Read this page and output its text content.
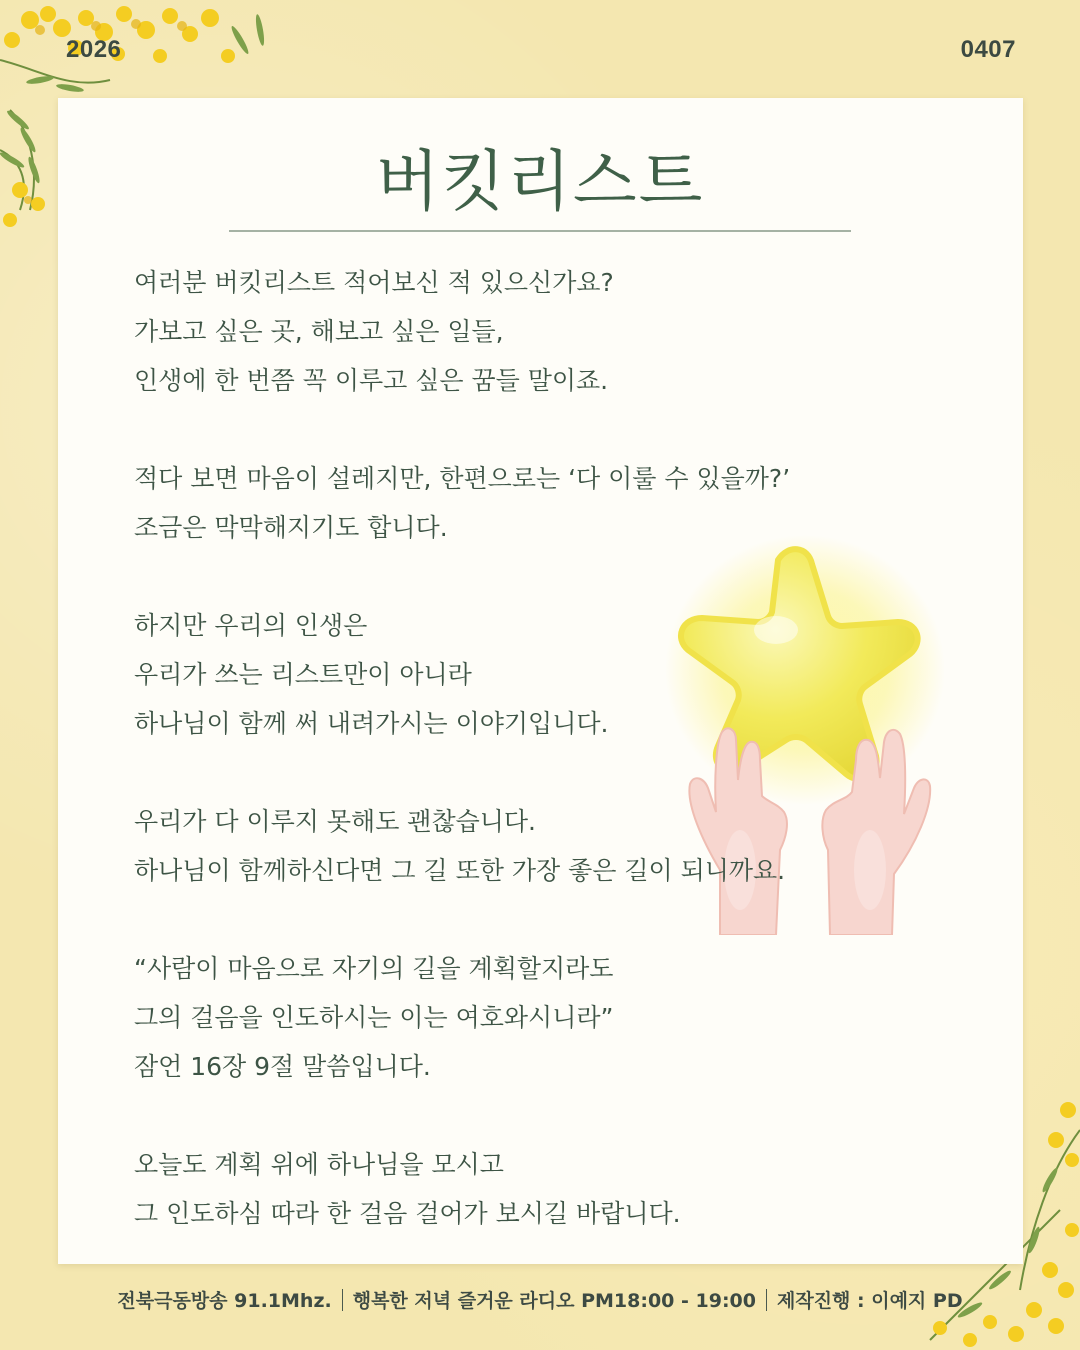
2026	0407
버킷리스트
여러분 버킷리스트 적어보신 적 있으신가요?
가보고 싶은 곳, 해보고 싶은 일들,
인생에 한 번쯤 꼭 이루고 싶은 꿈들 말이죠.
적다 보면 마음이 설레지만, 한편으로는 ‘다 이룰 수 있을까?’
조금은 막막해지기도 합니다.
하지만 우리의 인생은
우리가 쓰는 리스트만이 아니라
하나님이 함께 써 내려가시는 이야기입니다.
우리가 다 이루지 못해도 괜찮습니다.
하나님이 함께하신다면 그 길 또한 가장 좋은 길이 되니까요.
“사람이 마음으로 자기의 길을 계획할지라도
그의 걸음을 인도하시는 이는 여호와시니라”
잠언 16장 9절 말씀입니다.
오늘도 계획 위에 하나님을 모시고
그 인도하심 따라 한 걸음 걸어가 보시길 바랍니다.
전북극동방송 91.1Mhz. 행복한 저녁 즐거운 라디오 PM18:00 - 19:00 제작진행 : 이예지 PD
